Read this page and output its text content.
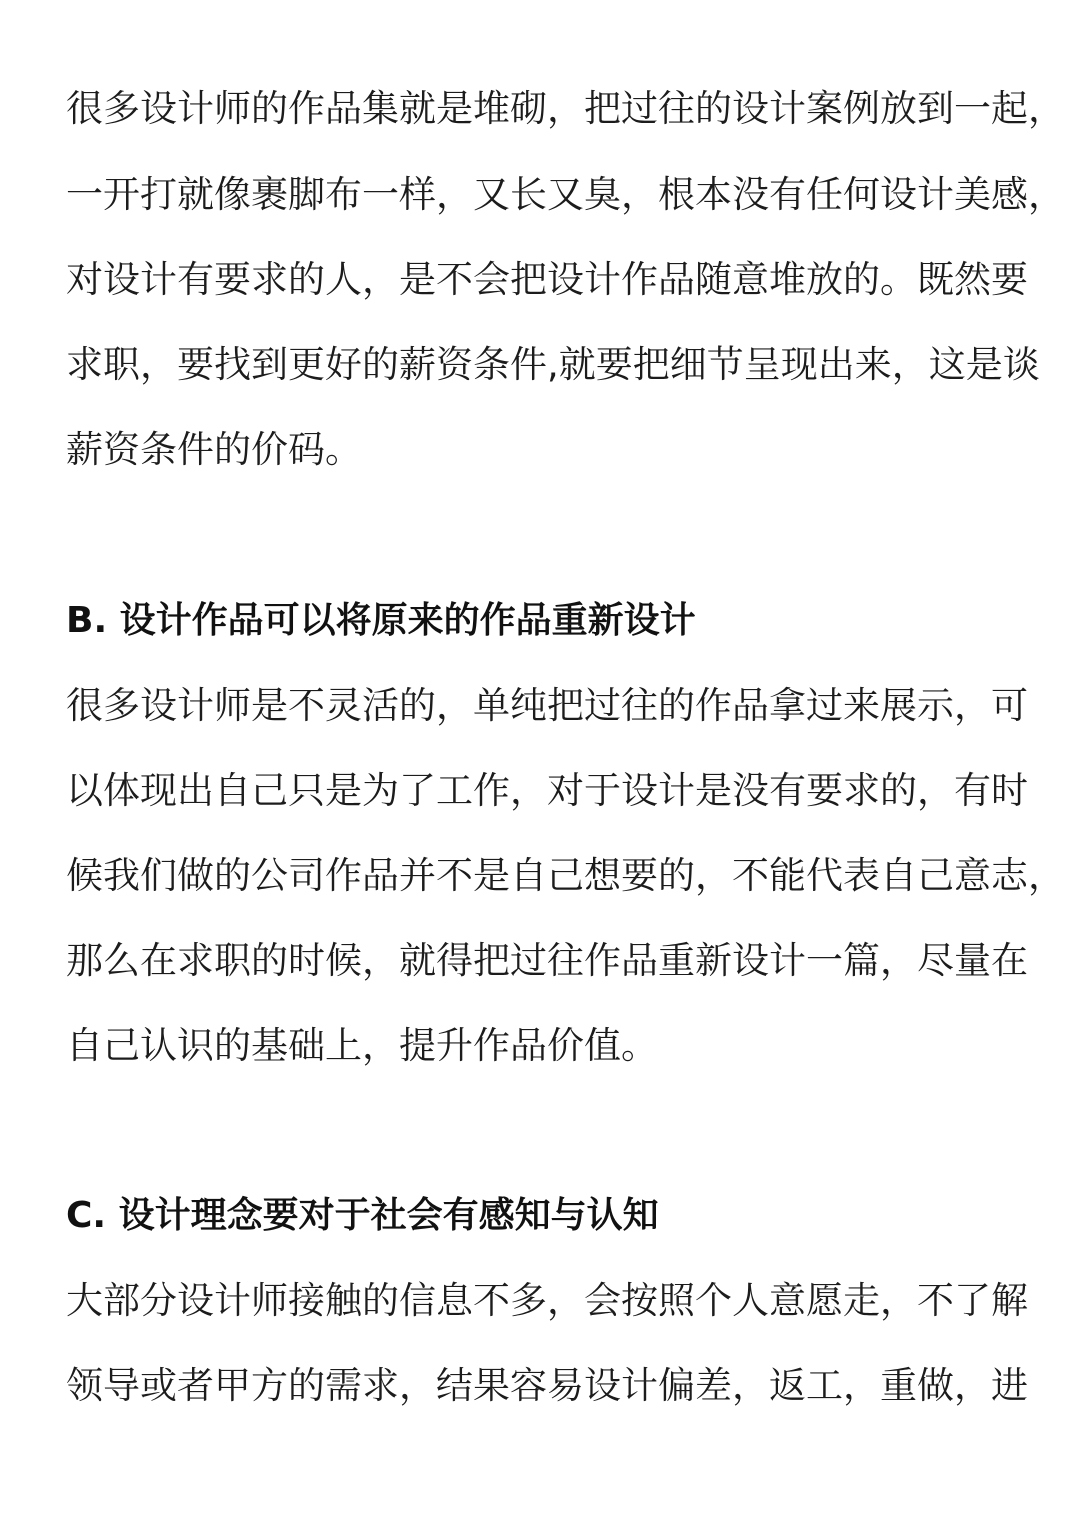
很多设计师的作品集就是堆砌，把过往的设计案例放到一起，
一开打就像裹脚布一样，又长又臭，根本没有任何设计美感，
对设计有要求的人，是不会把设计作品随意堆放的。既然要
求职，要找到更好的薪资条件,就要把细节呈现出来，这是谈
薪资条件的价码。
B. 设计作品可以将原来的作品重新设计
很多设计师是不灵活的，单纯把过往的作品拿过来展示，可
以体现出自己只是为了工作，对于设计是没有要求的，有时
候我们做的公司作品并不是自己想要的，不能代表自己意志，
那么在求职的时候，就得把过往作品重新设计一篇，尽量在
自己认识的基础上，提升作品价值。
C. 设计理念要对于社会有感知与认知
大部分设计师接触的信息不多，会按照个人意愿走，不了解
领导或者甲方的需求，结果容易设计偏差，返工，重做，进
